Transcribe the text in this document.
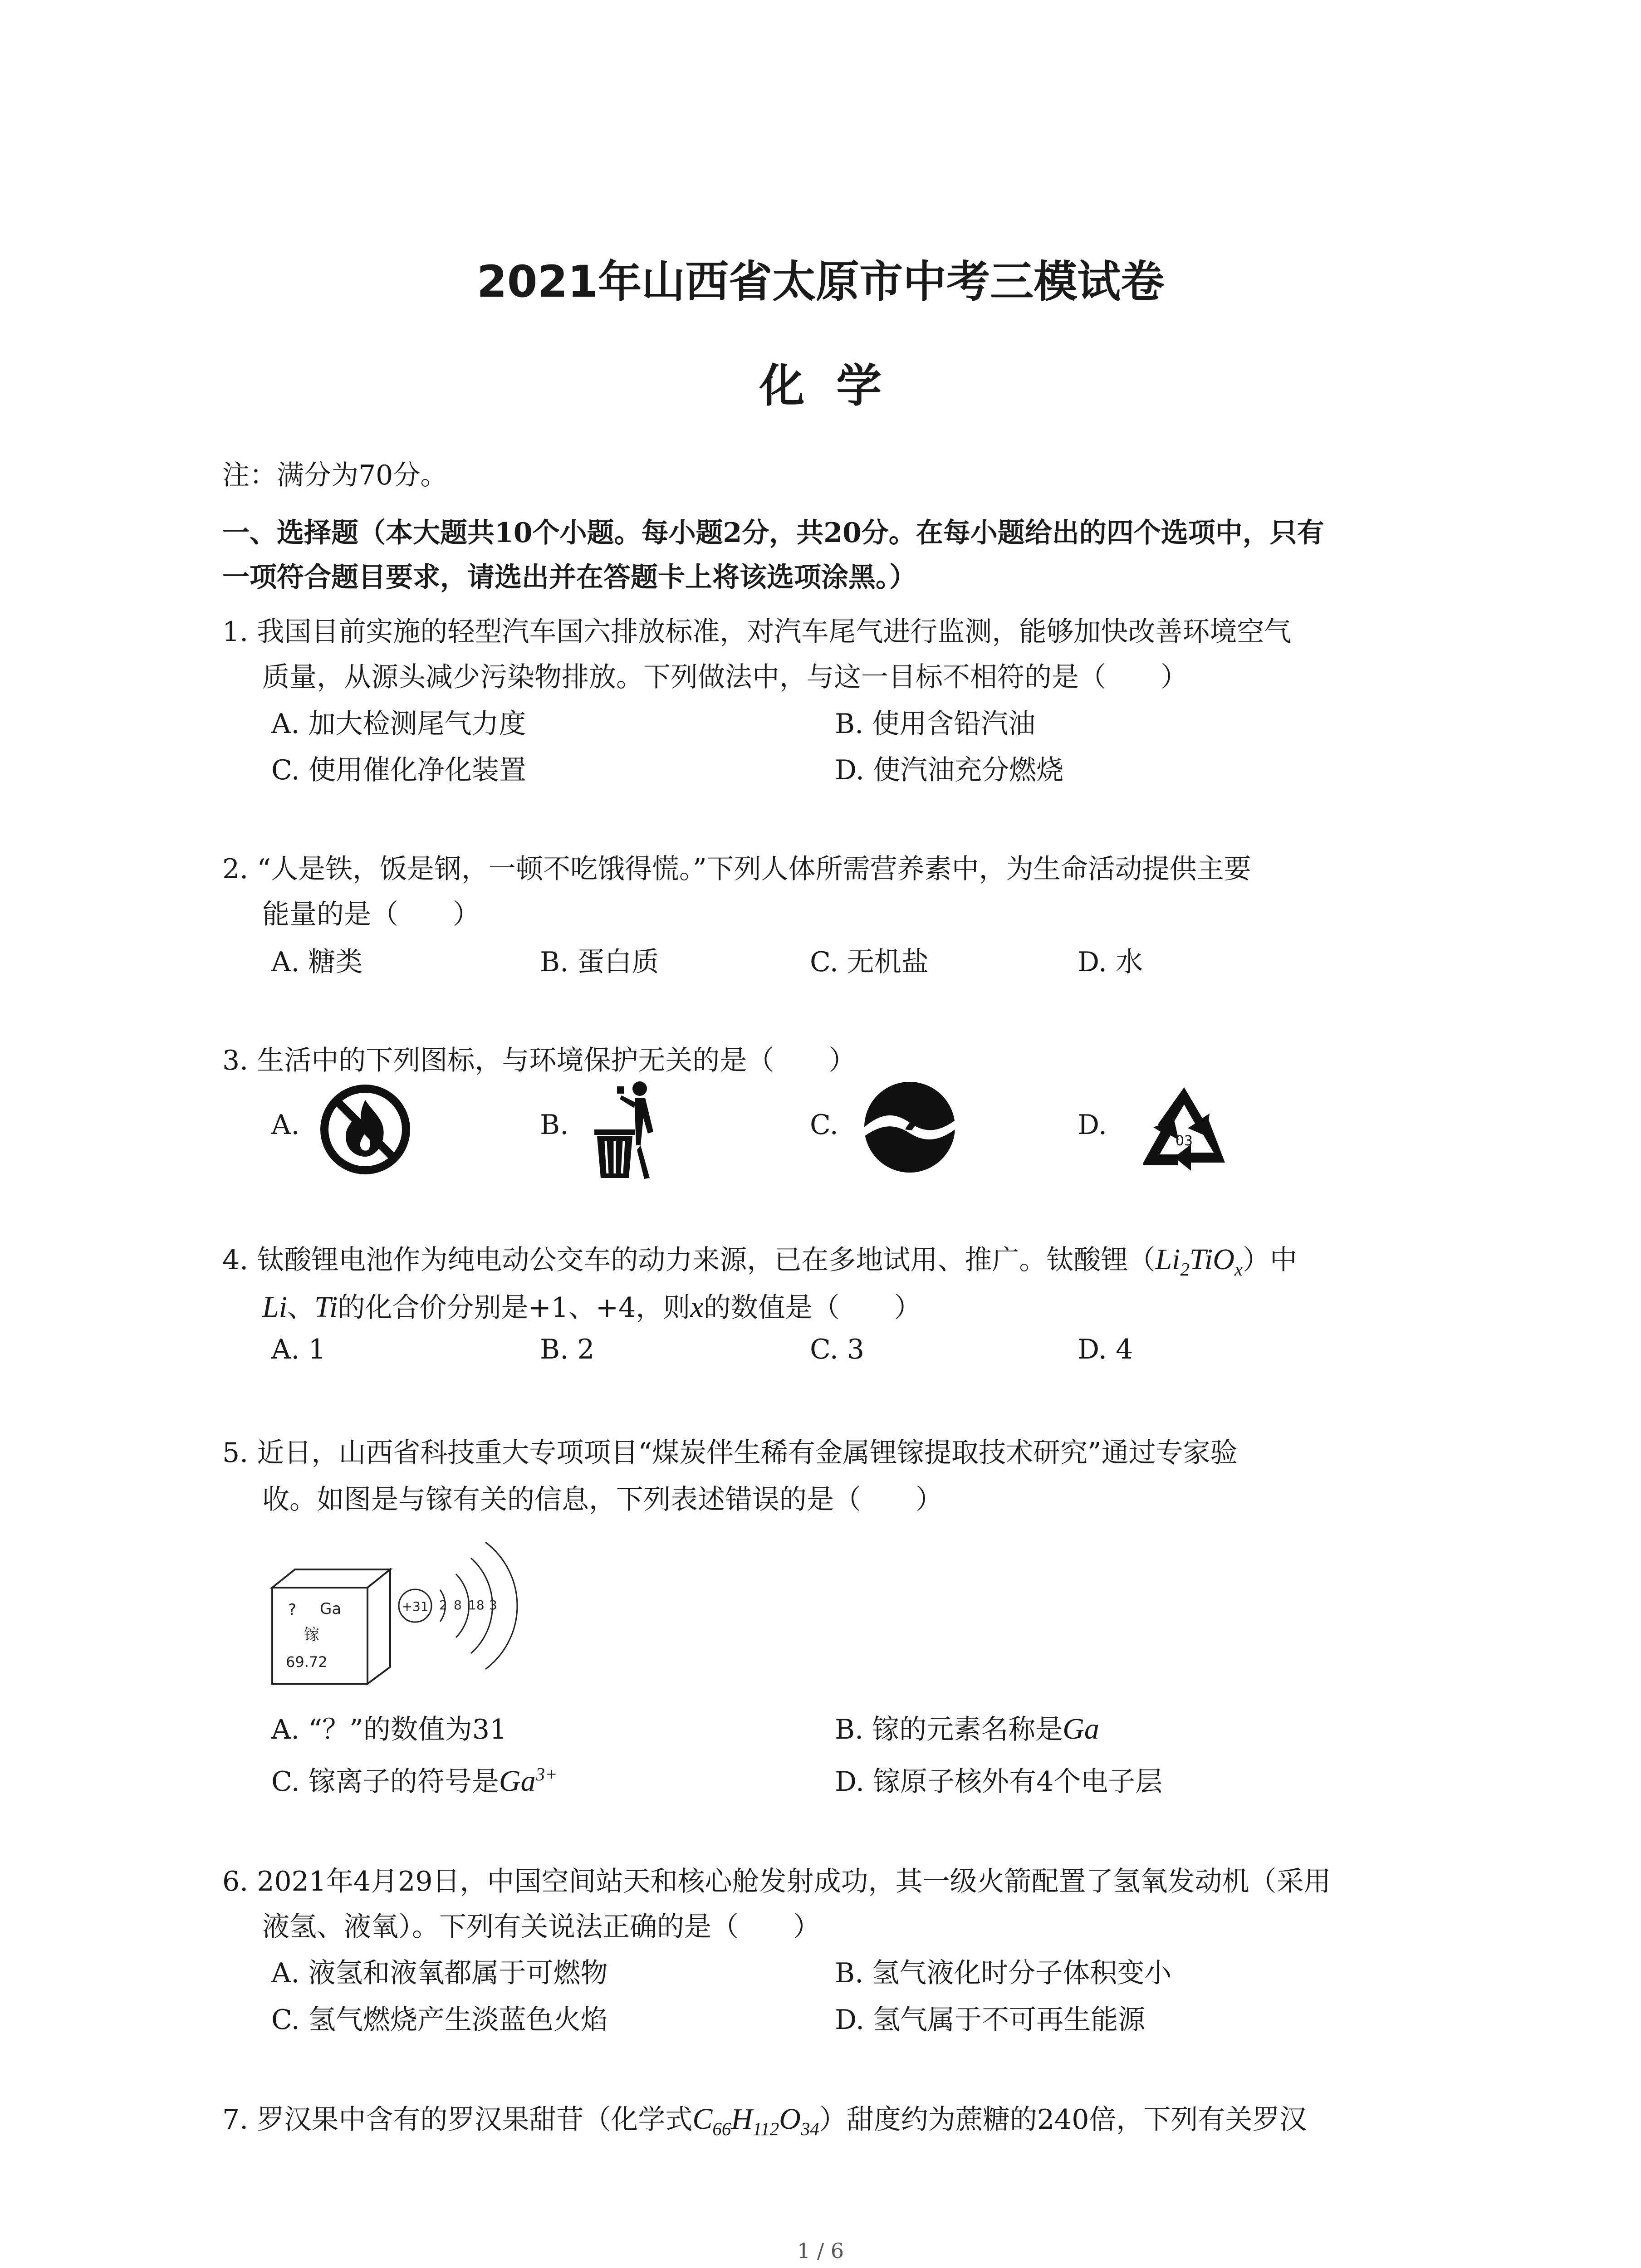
2021年山西省太原市中考三模试卷
化  学
注：满分为70分。
一、选择题（本大题共10个小题。每小题2分，共20分。在每小题给出的四个选项中，只有
一项符合题目要求，请选出并在答题卡上将该选项涂黑。）
1. 我国目前实施的轻型汽车国六排放标准，对汽车尾气进行监测，能够加快改善环境空气
质量，从源头减少污染物排放。下列做法中，与这一目标不相符的是（　　）
A. 加大检测尾气力度	B. 使用含铅汽油
C. 使用催化净化装置	D. 使汽油充分燃烧
2. “人是铁，饭是钢，一顿不吃饿得慌。”下列人体所需营养素中，为生命活动提供主要
能量的是（　　）
A. 糖类	B. 蛋白质	C. 无机盐	D. 水
3. 生活中的下列图标，与环境保护无关的是（　　）
A.	B.	C.	D.
03
4. 钛酸锂电池作为纯电动公交车的动力来源，已在多地试用、推广。钛酸锂（ $Li_2TiO_x$ ）中
Li 、 Ti 的化合价分别是+1、+4，则 x 的数值是（　　）
A. 1	B. 2	C. 3	D. 4
5. 近日，山西省科技重大专项项目“煤炭伴生稀有金属锂镓提取技术研究”通过专家验
收。如图是与镓有关的信息，下列表述错误的是（　　）
? Ga
镓
69.72
+31 2 8 18 3
A. “？”的数值为31	B. 镓的元素名称是 Ga
C. 镓离子的符号是 $Ga^{3+}$	D. 镓原子核外有4个电子层
6. 2021年4月29日，中国空间站天和核心舱发射成功，其一级火箭配置了氢氧发动机（采用
液氢、液氧）。下列有关说法正确的是（　　）
A. 液氢和液氧都属于可燃物	B. 氢气液化时分子体积变小
C. 氢气燃烧产生淡蓝色火焰	D. 氢气属于不可再生能源
7. 罗汉果中含有的罗汉果甜苷（化学式 $C_{66}H_{112}O_{34}$ ）甜度约为蔗糖的240倍，下列有关罗汉
1 / 6
